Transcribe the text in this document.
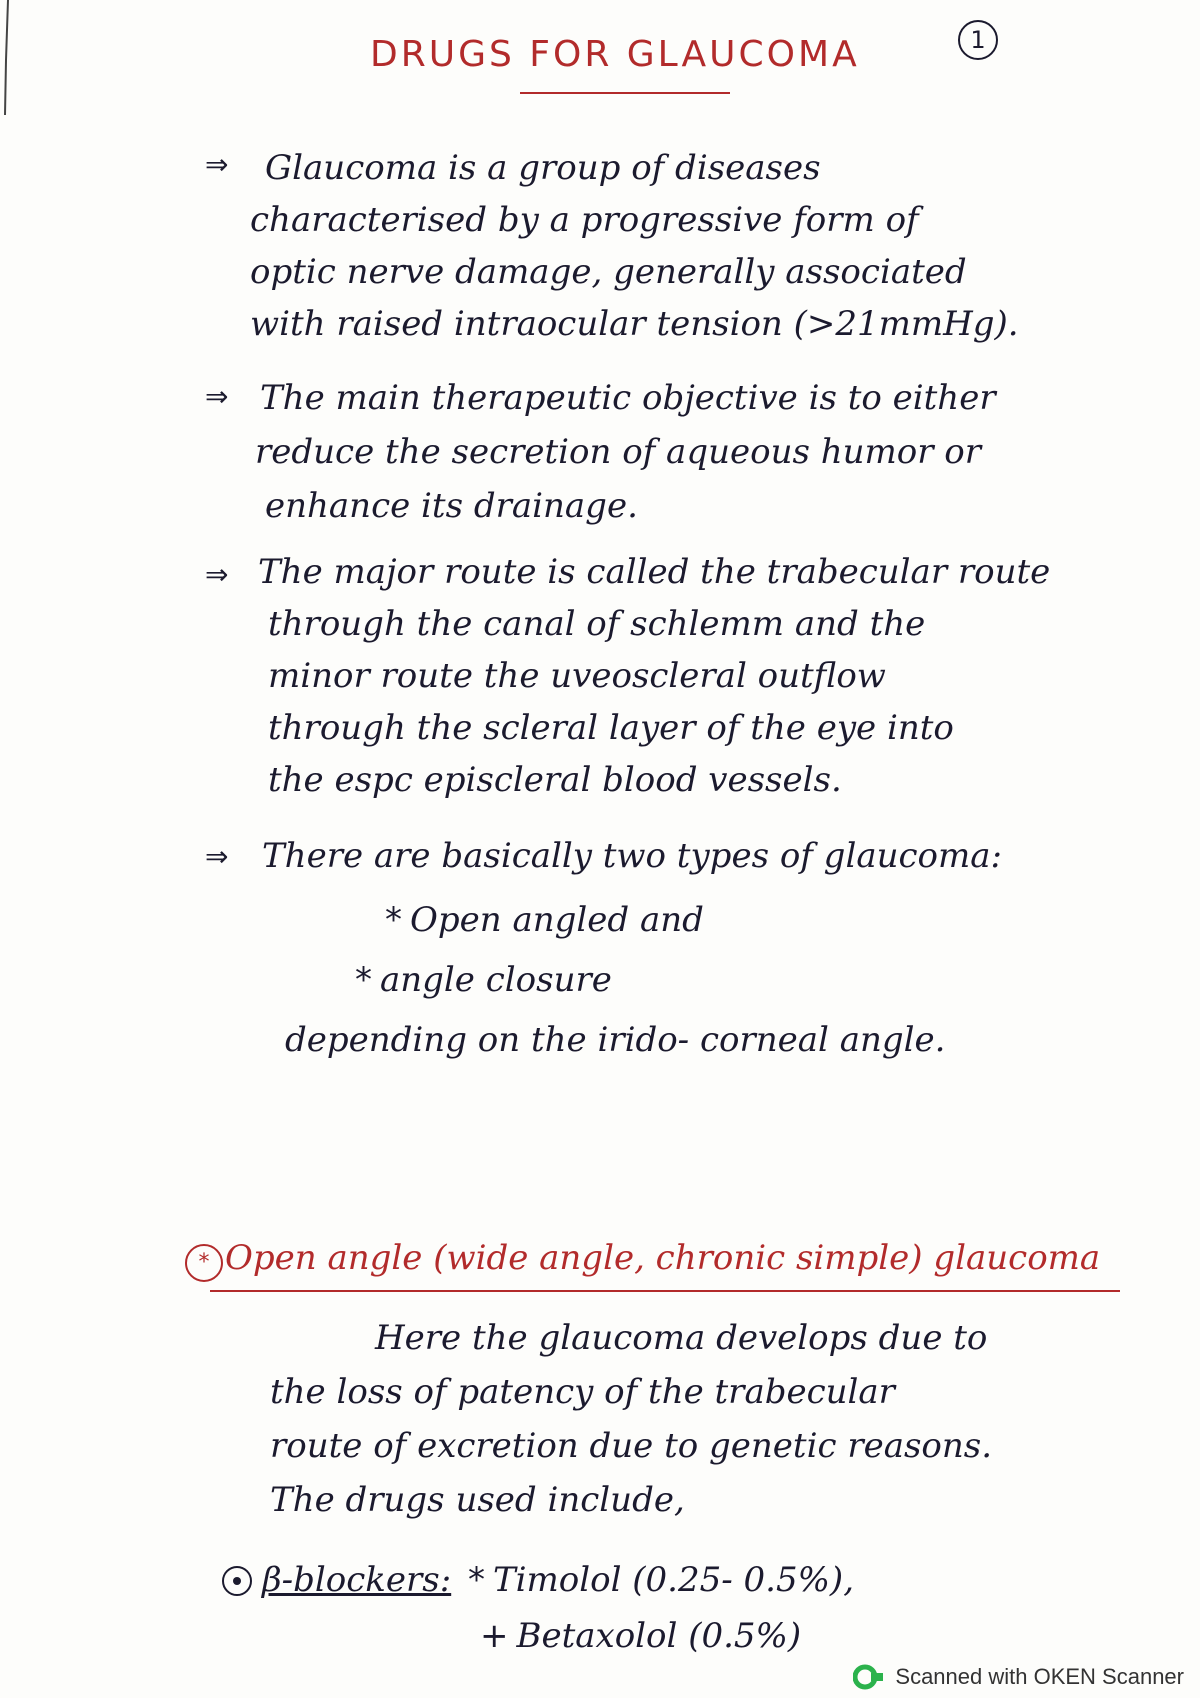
DRUGS FOR GLAUCOMA	1
⇒ Glaucoma is a group of diseases
characterised by a progressive form of
optic nerve damage, generally associated
with raised intraocular tension (>21mmHg).
⇒ The main therapeutic objective is to either
reduce the secretion of aqueous humor or
enhance its drainage.
⇒ The major route is called the trabecular route
through the canal of schlemm and the
minor route the uveoscleral outflow
through the scleral layer of the eye into
the espc episcleral blood vessels.
⇒ There are basically two types of glaucoma:
* Open angled and
* angle closure
depending on the irido- corneal angle.
* Open angle (wide angle, chronic simple) glaucoma
Here the glaucoma develops due to
the loss of patency of the trabecular
route of excretion due to genetic reasons.
The drugs used include,
β-blockers: * Timolol (0.25- 0.5%),
+ Betaxolol (0.5%)
Scanned with OKEN Scanner
